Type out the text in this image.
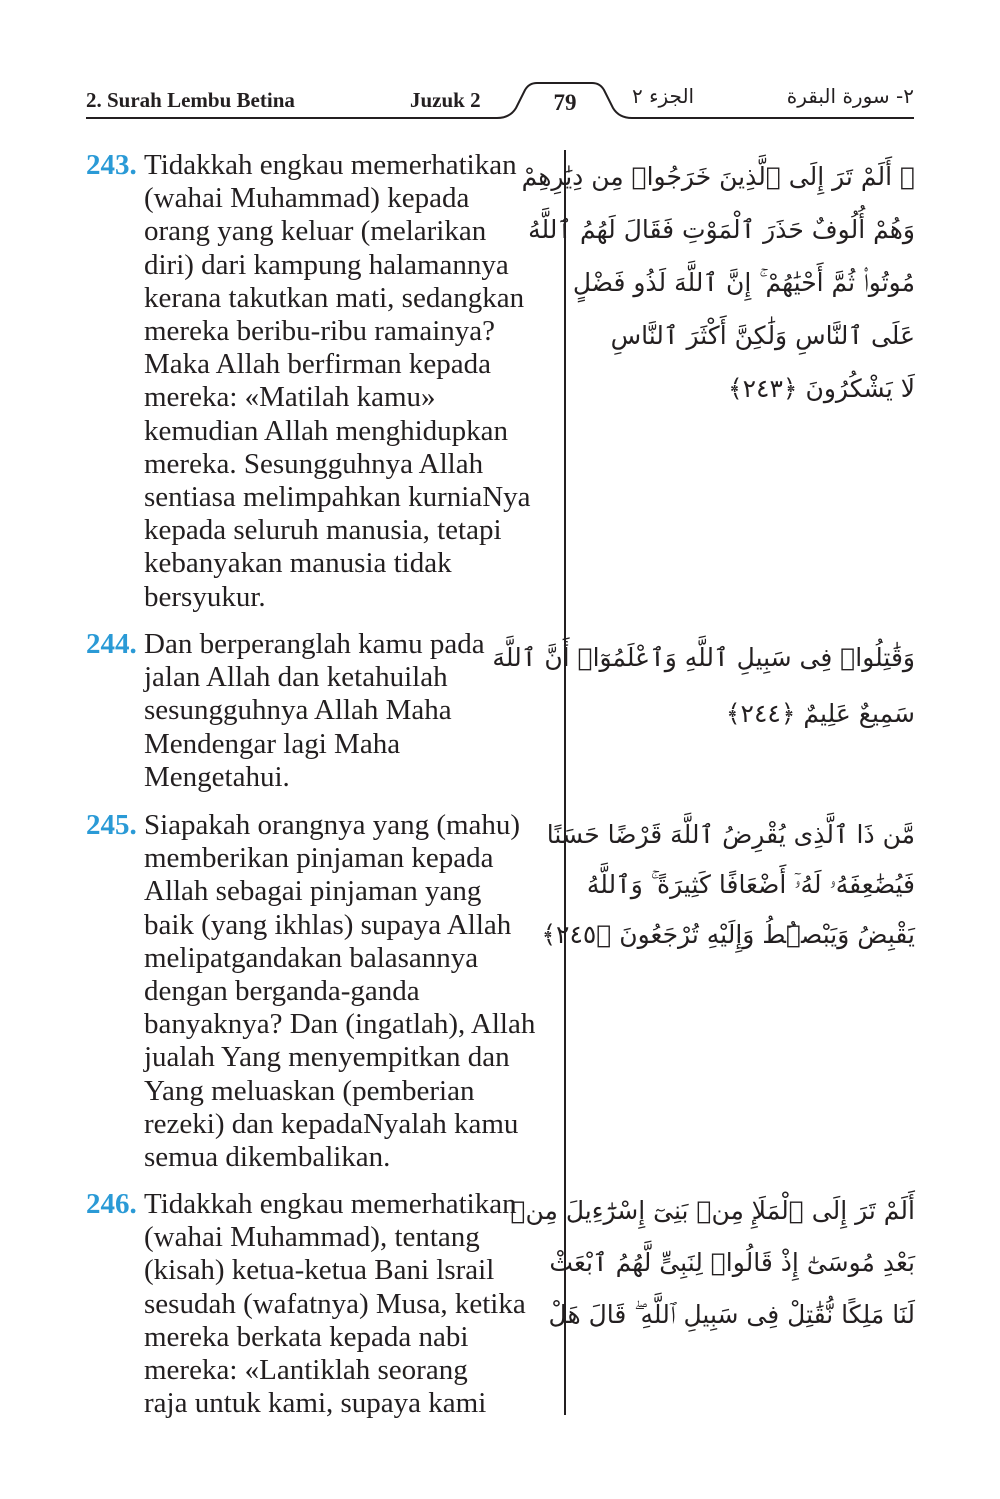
2. Surah Lembu Betina	Juzuk 2	79	الجزء ٢	٢- سورة البقرة
243. Tidakkah engkau memerhatikan
(wahai Muhammad) kepada
orang yang keluar (melarikan
diri) dari kampung halamannya
kerana takutkan mati, sedangkan
mereka beribu-ribu ramainya?
Maka Allah berfirman kepada
mereka: «Matilah kamu»
kemudian Allah menghidupkan
mereka. Sesungguhnya Allah
sentiasa melimpahkan kurniaNya
kepada seluruh manusia, tetapi
kebanyakan manusia tidak
bersyukur.
۞ أَلَمْ تَرَ إِلَى ٱلَّذِينَ خَرَجُوا۟ مِن دِيَٰرِهِمْ
وَهُمْ أُلُوفٌ حَذَرَ ٱلْمَوْتِ فَقَالَ لَهُمُ ٱللَّهُ
مُوتُوا۟ ثُمَّ أَحْيَٰهُمْ ۚ إِنَّ ٱللَّهَ لَذُو فَضْلٍ
عَلَى ٱلنَّاسِ وَلَٰكِنَّ أَكْثَرَ ٱلنَّاسِ
لَا يَشْكُرُونَ ﴿٢٤٣﴾
244. Dan berperanglah kamu pada
jalan Allah dan ketahuilah
sesungguhnya Allah Maha
Mendengar lagi Maha
Mengetahui.
وَقَٰتِلُوا۟ فِى سَبِيلِ ٱللَّهِ وَٱعْلَمُوٓا۟ أَنَّ ٱللَّهَ
سَمِيعٌ عَلِيمٌ ﴿٢٤٤﴾
245. Siapakah orangnya yang (mahu)
memberikan pinjaman kepada
Allah sebagai pinjaman yang
baik (yang ikhlas) supaya Allah
melipatgandakan balasannya
dengan berganda-ganda
banyaknya? Dan (ingatlah), Allah
jualah Yang menyempitkan dan
Yang meluaskan (pemberian
rezeki) dan kepadaNyalah kamu
semua dikembalikan.
مَّن ذَا ٱلَّذِى يُقْرِضُ ٱللَّهَ قَرْضًا حَسَنًا
فَيُضَٰعِفَهُۥ لَهُۥٓ أَضْعَافًا كَثِيرَةً ۚ وَٱللَّهُ
يَقْبِضُ وَيَبْصُۜطُ وَإِلَيْهِ تُرْجَعُونَ ﴿٢٤٥﴾
246. Tidakkah engkau memerhatikan
(wahai Muhammad), tentang
(kisah) ketua-ketua Bani lsrail
sesudah (wafatnya) Musa, ketika
mereka berkata kepada nabi
mereka: «Lantiklah seorang
raja untuk kami, supaya kami
أَلَمْ تَرَ إِلَى ٱلْمَلَإِ مِنۢ بَنِىٓ إِسْرَٰٓءِيلَ مِنۢ
بَعْدِ مُوسَىٰٓ إِذْ قَالُوا۟ لِنَبِىٍّ لَّهُمُ ٱبْعَثْ
لَنَا مَلِكًا نُّقَٰتِلْ فِى سَبِيلِ ٱللَّهِ ۖ قَالَ هَلْ
